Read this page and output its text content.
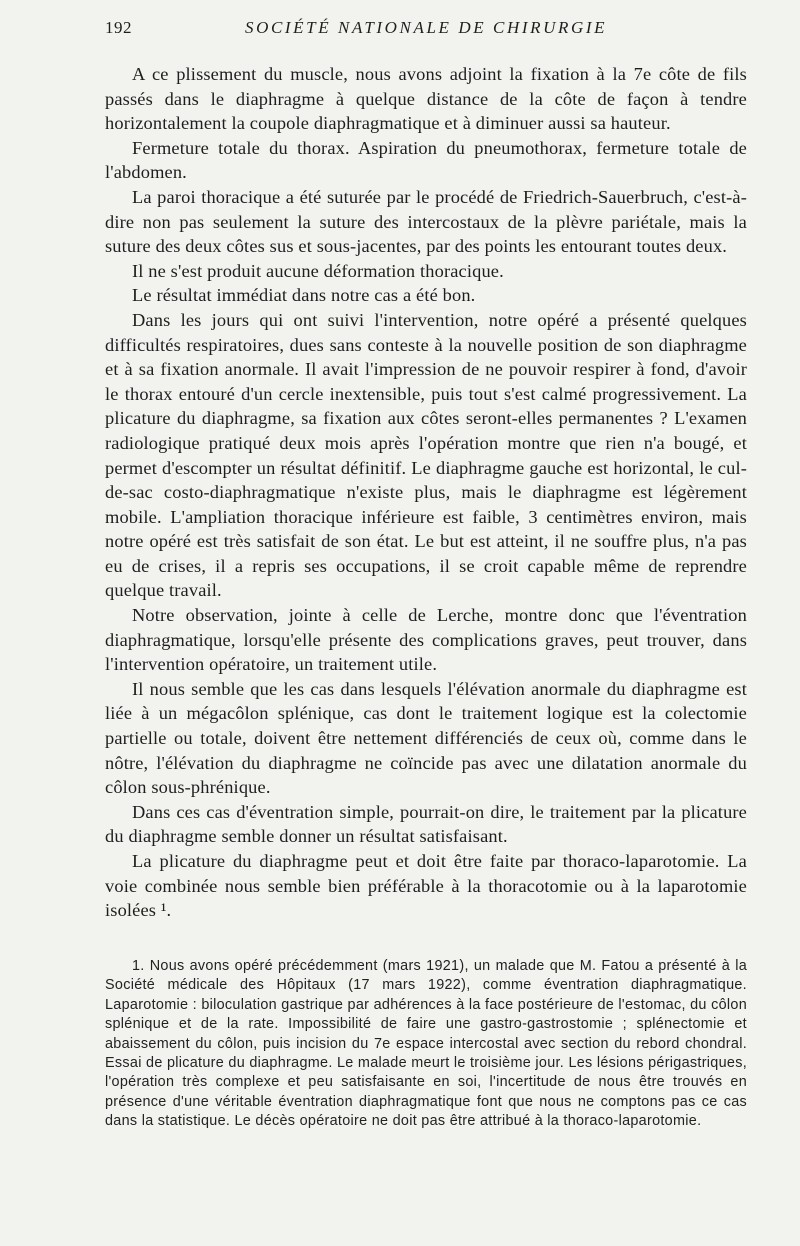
192	SOCIÉTÉ NATIONALE DE CHIRURGIE

A ce plissement du muscle, nous avons adjoint la fixation à la 7e côte de fils passés dans le diaphragme à quelque distance de la côte de façon à tendre horizontalement la coupole diaphragmatique et à diminuer aussi sa hauteur.

Fermeture totale du thorax. Aspiration du pneumothorax, fermeture totale de l'abdomen.

La paroi thoracique a été suturée par le procédé de Friedrich-Sauerbruch, c'est-à-dire non pas seulement la suture des intercostaux de la plèvre pariétale, mais la suture des deux côtes sus et sous-jacentes, par des points les entourant toutes deux.

Il ne s'est produit aucune déformation thoracique.

Le résultat immédiat dans notre cas a été bon.

Dans les jours qui ont suivi l'intervention, notre opéré a présenté quelques difficultés respiratoires, dues sans conteste à la nouvelle position de son diaphragme et à sa fixation anormale. Il avait l'impression de ne pouvoir respirer à fond, d'avoir le thorax entouré d'un cercle inextensible, puis tout s'est calmé progressivement. La plicature du diaphragme, sa fixation aux côtes seront-elles permanentes ? L'examen radiologique pratiqué deux mois après l'opération montre que rien n'a bougé, et permet d'escompter un résultat définitif. Le diaphragme gauche est horizontal, le cul-de-sac costo-diaphragmatique n'existe plus, mais le diaphragme est légèrement mobile. L'ampliation thoracique inférieure est faible, 3 centimètres environ, mais notre opéré est très satisfait de son état. Le but est atteint, il ne souffre plus, n'a pas eu de crises, il a repris ses occupations, il se croit capable même de reprendre quelque travail.

Notre observation, jointe à celle de Lerche, montre donc que l'éventration diaphragmatique, lorsqu'elle présente des complications graves, peut trouver, dans l'intervention opératoire, un traitement utile.

Il nous semble que les cas dans lesquels l'élévation anormale du diaphragme est liée à un mégacôlon splénique, cas dont le traitement logique est la colectomie partielle ou totale, doivent être nettement différenciés de ceux où, comme dans le nôtre, l'élévation du diaphragme ne coïncide pas avec une dilatation anormale du côlon sous-phrénique.

Dans ces cas d'éventration simple, pourrait-on dire, le traitement par la plicature du diaphragme semble donner un résultat satisfaisant.

La plicature du diaphragme peut et doit être faite par thoraco-laparotomie. La voie combinée nous semble bien préférable à la thoracotomie ou à la laparotomie isolées ¹.

1. Nous avons opéré précédemment (mars 1921), un malade que M. Fatou a présenté à la Société médicale des Hôpitaux (17 mars 1922), comme éventration diaphragmatique. Laparotomie : biloculation gastrique par adhérences à la face postérieure de l'estomac, du côlon splénique et de la rate. Impossibilité de faire une gastro-gastrostomie ; splénectomie et abaissement du côlon, puis incision du 7e espace intercostal avec section du rebord chondral. Essai de plicature du diaphragme. Le malade meurt le troisième jour. Les lésions périgastriques, l'opération très complexe et peu satisfaisante en soi, l'incertitude de nous être trouvés en présence d'une véritable éventration diaphragmatique font que nous ne comptons pas ce cas dans la statistique. Le décès opératoire ne doit pas être attribué à la thoraco-laparotomie.
